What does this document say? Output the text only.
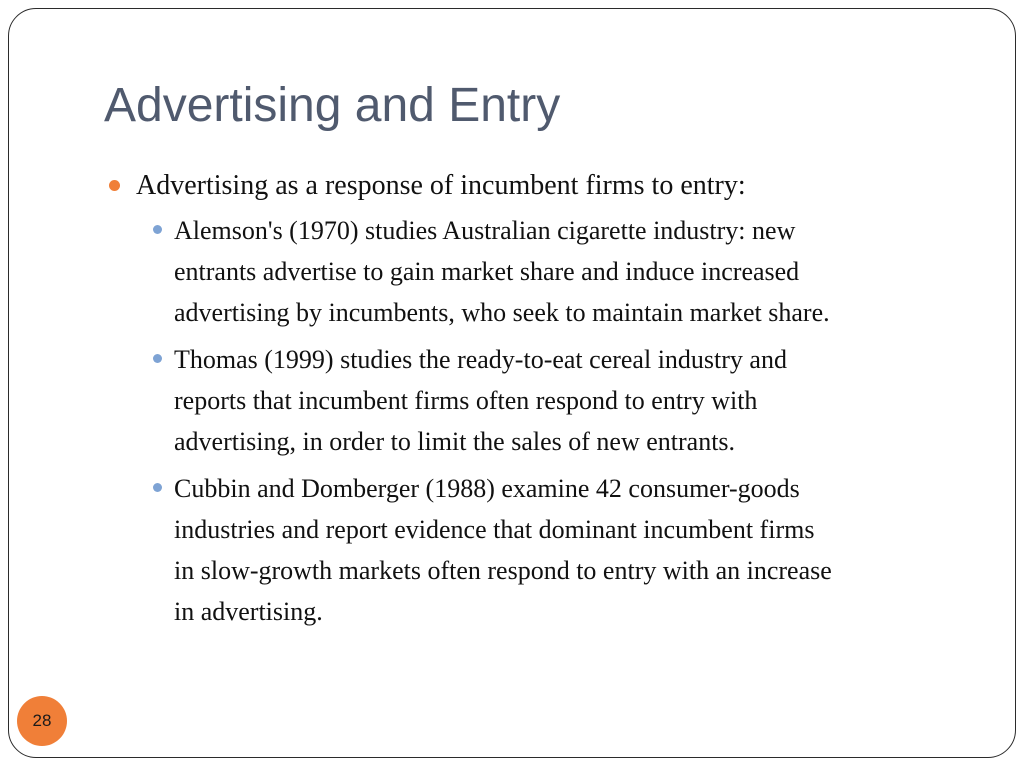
Advertising and Entry
Advertising as a response of incumbent firms to entry:
Alemson's (1970) studies Australian cigarette industry: new
entrants advertise to gain market share and induce increased
advertising by incumbents, who seek to maintain market share.
Thomas (1999) studies the ready-to-eat cereal industry and
reports that incumbent firms often respond to entry with
advertising, in order to limit the sales of new entrants.
Cubbin and Domberger (1988) examine 42 consumer-goods
industries and report evidence that dominant incumbent firms
in slow-growth markets often respond to entry with an increase
in advertising.
28
